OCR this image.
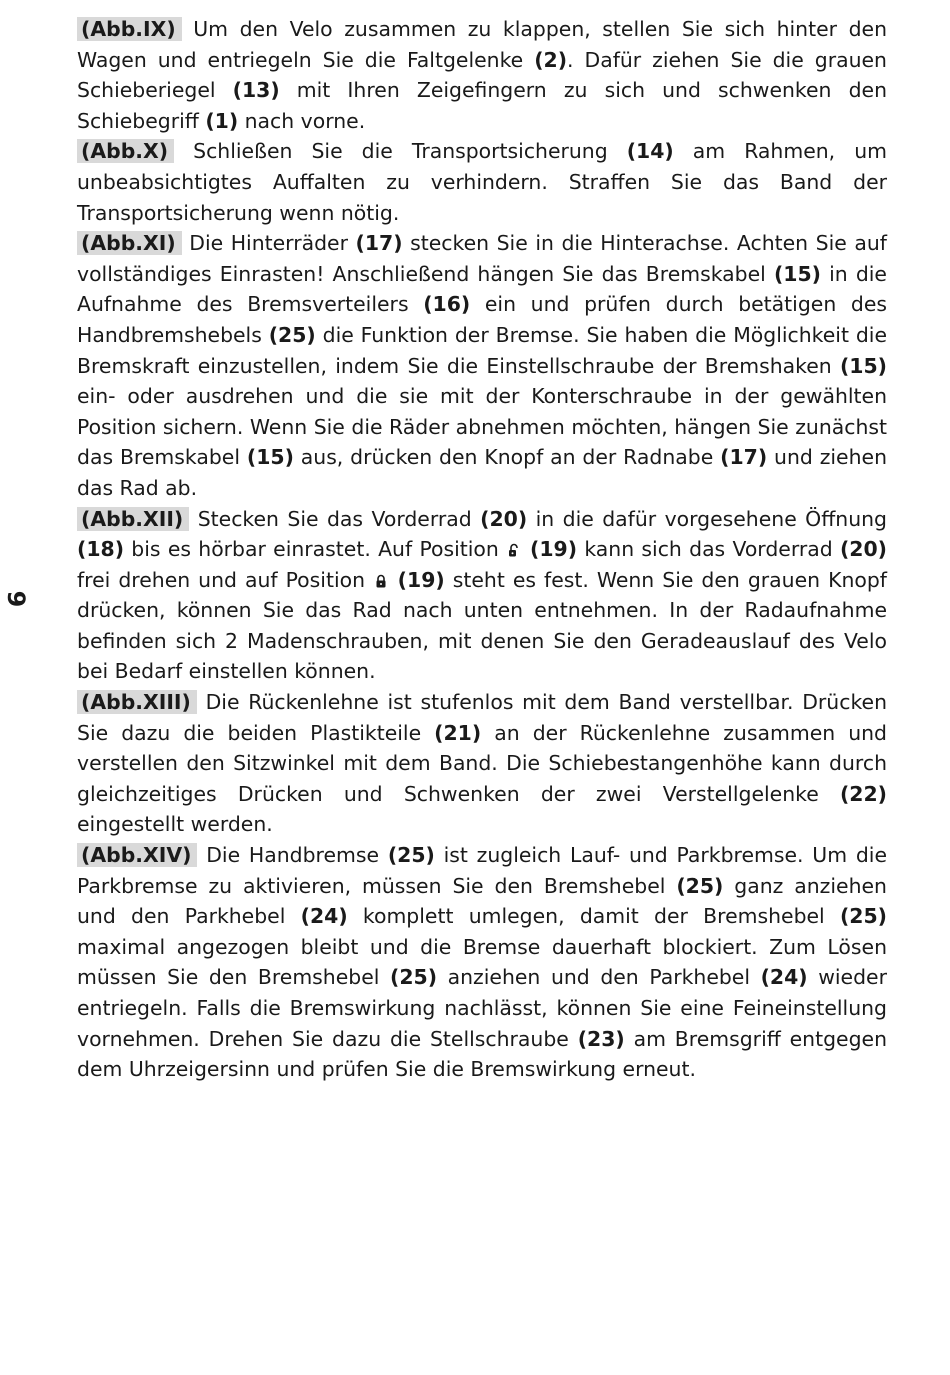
9

(Abb.IX) Um den Velo zusammen zu klappen, stellen Sie sich hinter den Wagen und entriegeln Sie die Faltgelenke (2). Dafür ziehen Sie die grauen Schieberiegel (13) mit Ihren Zeigefingern zu sich und schwenken den Schiebegriff (1) nach vorne.

(Abb.X) Schließen Sie die Transportsicherung (14) am Rahmen, um unbeabsichtigtes Auffalten zu verhindern. Straffen Sie das Band der Transportsicherung wenn nötig.

(Abb.XI) Die Hinterräder (17) stecken Sie in die Hinterachse. Achten Sie auf vollständiges Einrasten! Anschließend hängen Sie das Bremskabel (15) in die Aufnahme des Bremsverteilers (16) ein und prüfen durch betätigen des Handbremshebels (25) die Funktion der Bremse. Sie haben die Möglichkeit die Bremskraft einzustellen, indem Sie die Einstellschraube der Bremshaken (15) ein- oder ausdrehen und die sie mit der Konterschraube in der gewählten Position sichern. Wenn Sie die Räder abnehmen möchten, hängen Sie zunächst das Bremskabel (15) aus, drücken den Knopf an der Radnabe (17) und ziehen das Rad ab.

(Abb.XII) Stecken Sie das Vorderrad (20) in die dafür vorgesehene Öffnung (18) bis es hörbar einrastet. Auf Position  (19) kann sich das Vorderrad (20) frei drehen und auf Position  (19) steht es fest. Wenn Sie den grauen Knopf drücken, können Sie das Rad nach unten entnehmen. In der Radaufnahme befinden sich 2 Madenschrauben, mit denen Sie den Geradeauslauf des Velo bei Bedarf einstellen können.

(Abb.XIII) Die Rückenlehne ist stufenlos mit dem Band verstellbar. Drücken Sie dazu die beiden Plastikteile (21) an der Rückenlehne zusammen und verstellen den Sitzwinkel mit dem Band. Die Schiebestangenhöhe kann durch gleichzeitiges Drücken und Schwenken der zwei Verstellgelenke (22) eingestellt werden.

(Abb.XIV) Die Handbremse (25) ist zugleich Lauf- und Parkbremse. Um die Parkbremse zu aktivieren, müssen Sie den Bremshebel (25) ganz anziehen und den Parkhebel (24) komplett umlegen, damit der Bremshebel (25) maximal angezogen bleibt und die Bremse dauerhaft blockiert. Zum Lösen müssen Sie den Bremshebel (25) anziehen und den Parkhebel (24) wieder entriegeln. Falls die Bremswirkung nachlässt, können Sie eine Feineinstellung vornehmen. Drehen Sie dazu die Stellschraube (23) am Bremsgriff entgegen dem Uhrzeigersinn und prüfen Sie die Bremswirkung erneut.
